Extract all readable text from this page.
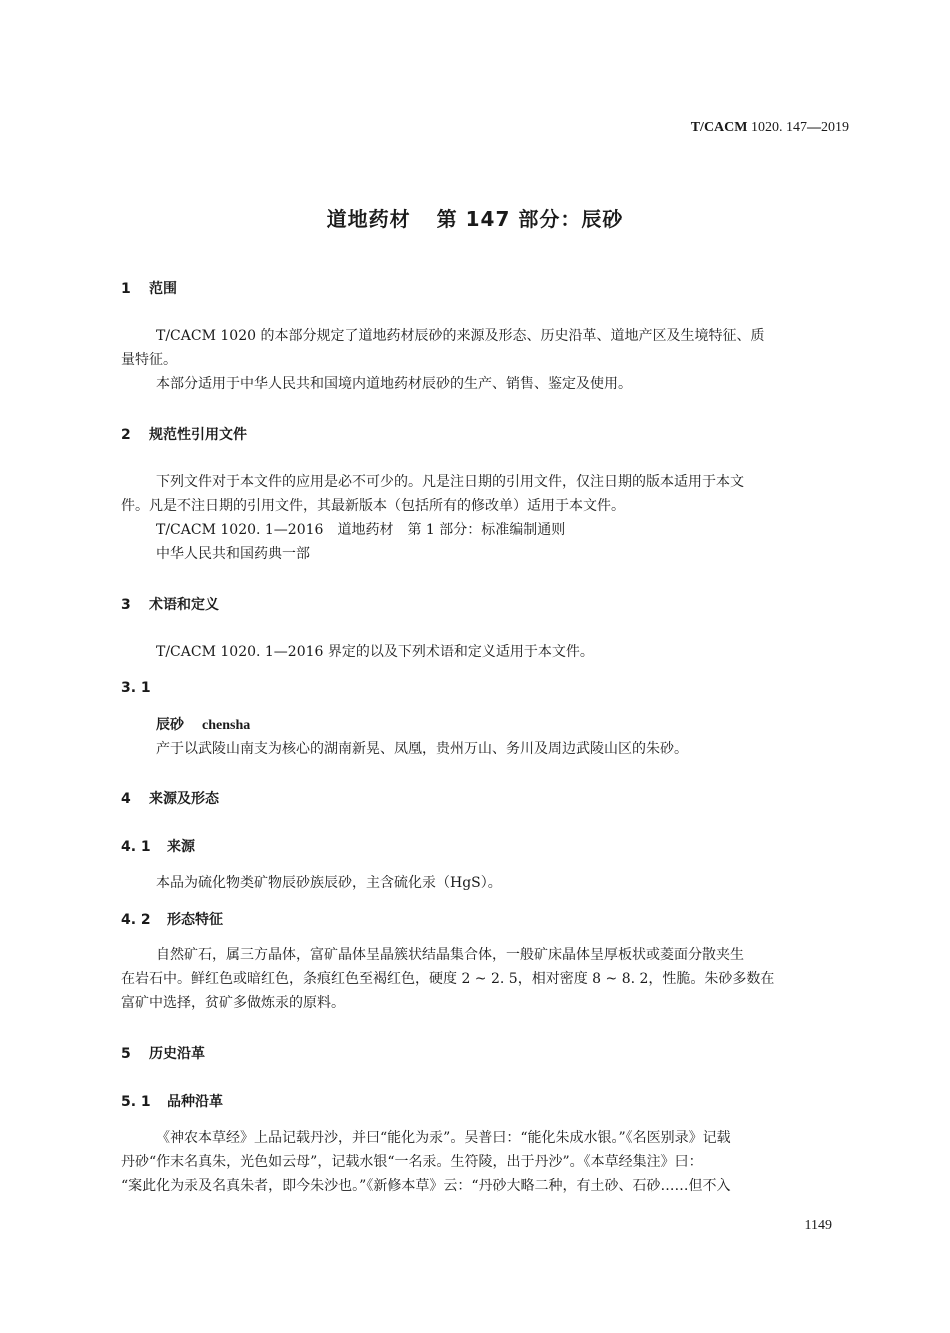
T/CACM 1020. 147—2019
道地药材 第 147 部分：辰砂
1 范围
T/CACM 1020 的本部分规定了道地药材辰砂的来源及形态、历史沿革、道地产区及生境特征、质
量特征。
本部分适用于中华人民共和国境内道地药材辰砂的生产、销售、鉴定及使用。
2 规范性引用文件
下列文件对于本文件的应用是必不可少的。凡是注日期的引用文件，仅注日期的版本适用于本文
件。凡是不注日期的引用文件，其最新版本（包括所有的修改单）适用于本文件。
T/CACM 1020. 1—2016　道地药材　第 1 部分：标准编制通则
中华人民共和国药典一部
3 术语和定义
T/CACM 1020. 1—2016 界定的以及下列术语和定义适用于本文件。
3. 1
辰砂 chensha
产于以武陵山南支为核心的湖南新晃、凤凰，贵州万山、务川及周边武陵山区的朱砂。
4 来源及形态
4. 1 来源
本品为硫化物类矿物辰砂族辰砂，主含硫化汞（HgS）。
4. 2 形态特征
自然矿石，属三方晶体，富矿晶体呈晶簇状结晶集合体，一般矿床晶体呈厚板状或菱面分散夹生
在岩石中。鲜红色或暗红色，条痕红色至褐红色，硬度 2 ~ 2. 5，相对密度 8 ~ 8. 2，性脆。朱砂多数在
富矿中选择，贫矿多做炼汞的原料。
5 历史沿革
5. 1 品种沿革
《神农本草经》上品记载丹沙，并曰“能化为汞”。吴普曰：“能化朱成水银。”《名医别录》记载
丹砂“作末名真朱，光色如云母”，记载水银“一名汞。生符陵，出于丹沙”。《本草经集注》曰：
“案此化为汞及名真朱者，即今朱沙也。”《新修本草》云：“丹砂大略二种，有土砂、石砂……但不入
1149
